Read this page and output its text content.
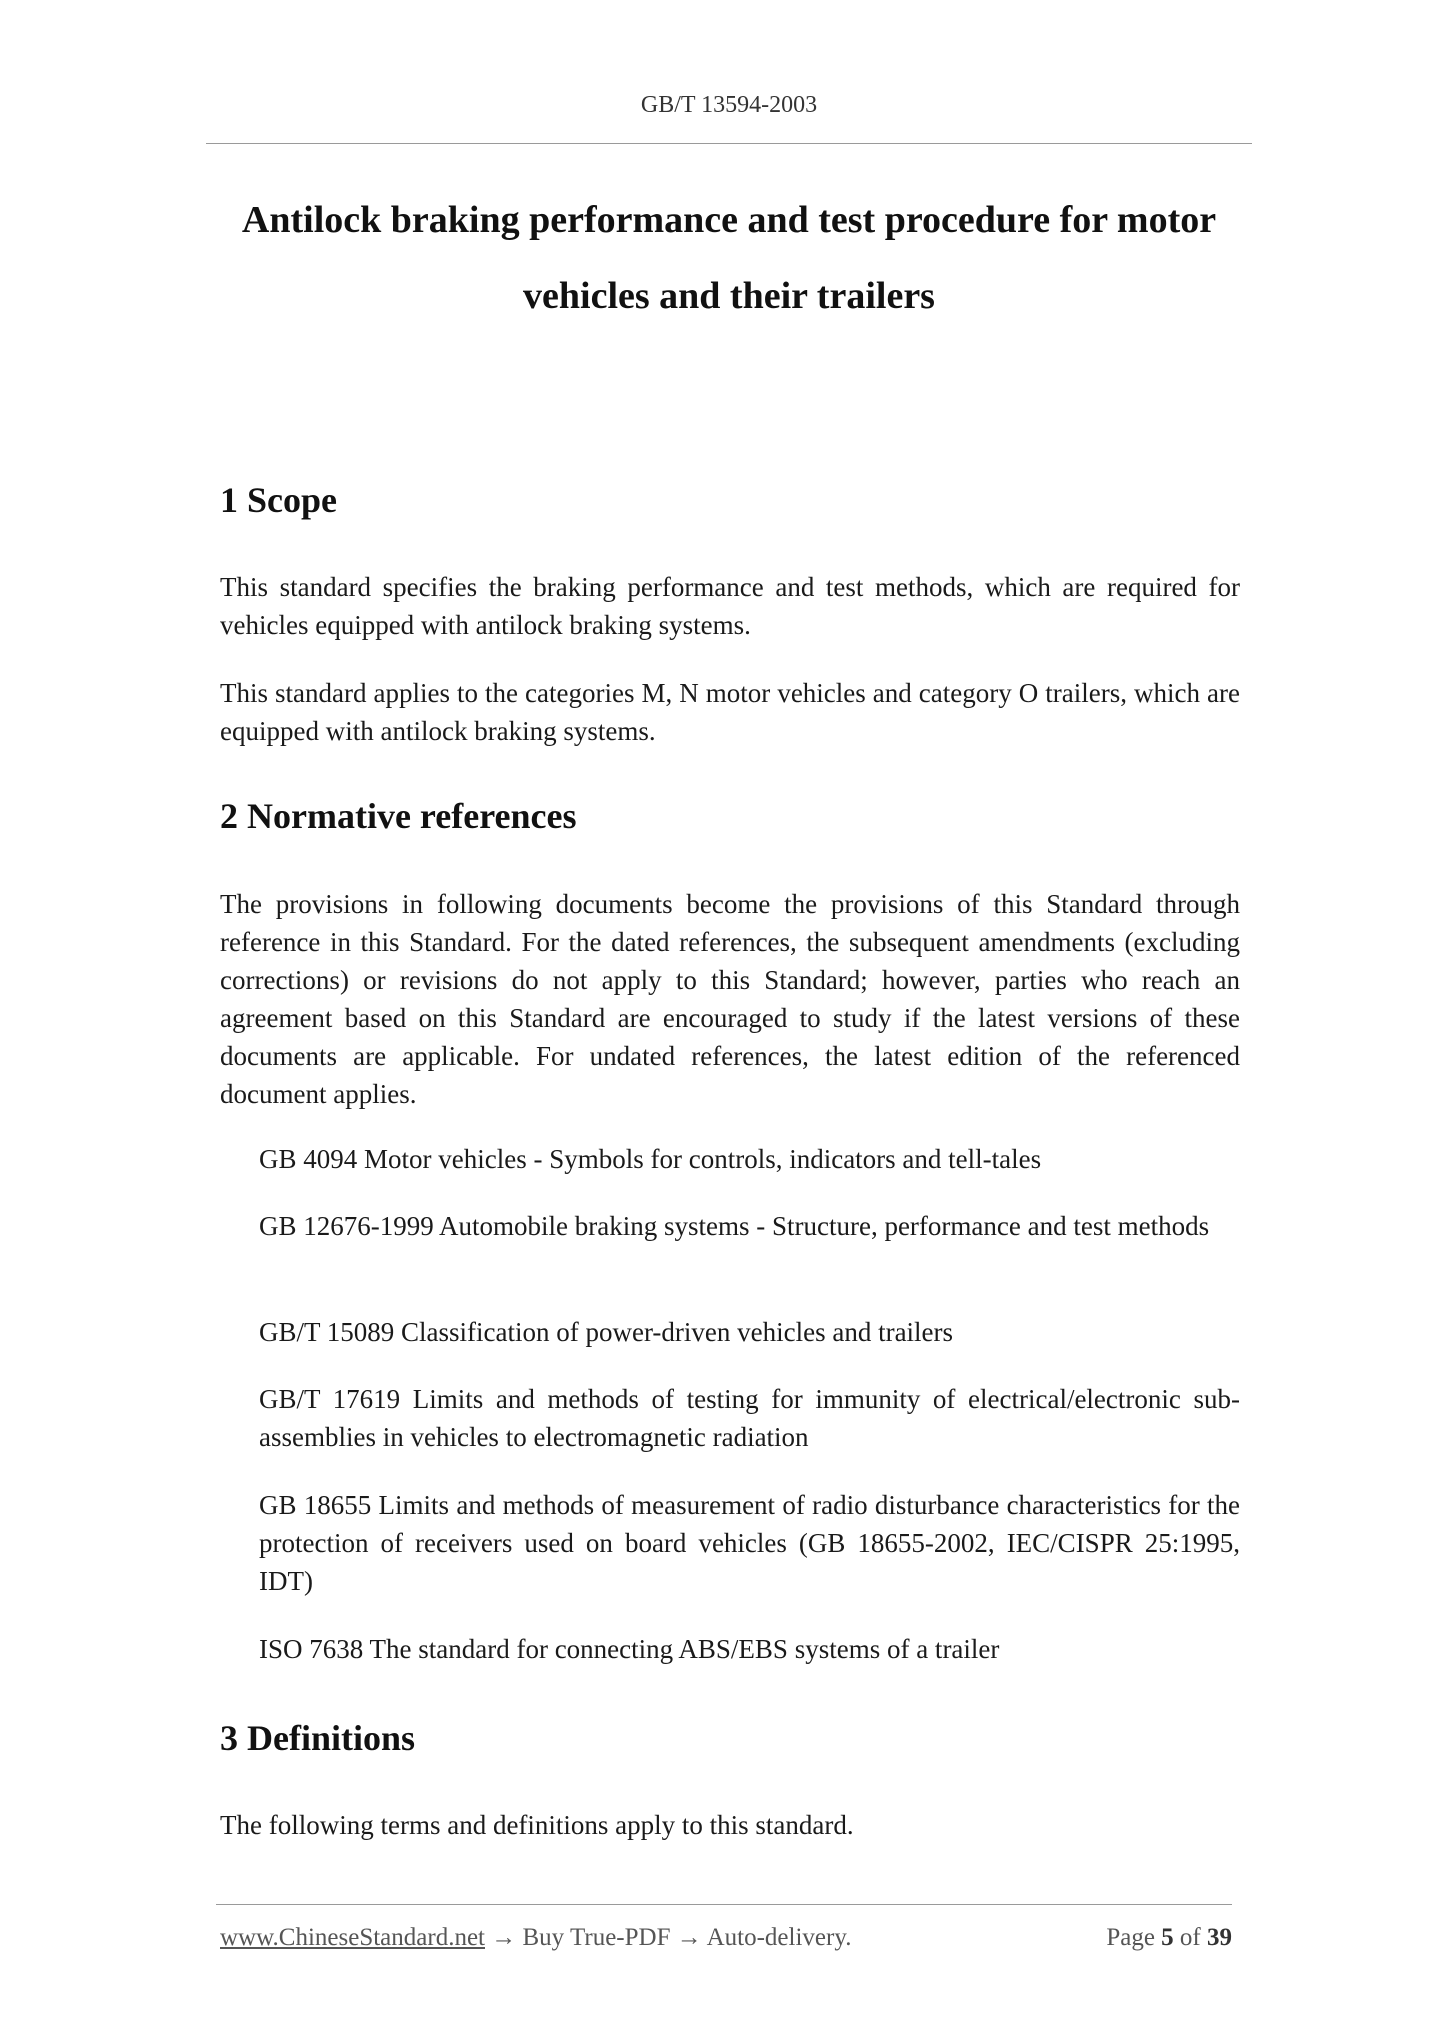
GB/T 13594-2003
Antilock braking performance and test procedure for motor
vehicles and their trailers
1 Scope

This standard specifies the braking performance and test methods, which are required for vehicles equipped with antilock braking systems.

This standard applies to the categories M, N motor vehicles and category O trailers, which are equipped with antilock braking systems.

2 Normative references

The provisions in following documents become the provisions of this Standard through reference in this Standard. For the dated references, the subsequent amendments (excluding corrections) or revisions do not apply to this Standard; however, parties who reach an agreement based on this Standard are encouraged to study if the latest versions of these documents are applicable. For undated references, the latest edition of the referenced document applies.

GB 4094 Motor vehicles - Symbols for controls, indicators and tell-tales

GB 12676-1999 Automobile braking systems - Structure, performance and test methods

GB/T 15089 Classification of power-driven vehicles and trailers

GB/T 17619 Limits and methods of testing for immunity of electrical/electronic sub-assemblies in vehicles to electromagnetic radiation

GB 18655 Limits and methods of measurement of radio disturbance characteristics for the protection of receivers used on board vehicles (GB 18655-2002, IEC/CISPR 25:1995, IDT)

ISO 7638 The standard for connecting ABS/EBS systems of a trailer

3 Definitions

The following terms and definitions apply to this standard.

www.ChineseStandard.net → Buy True-PDF → Auto-delivery.	Page 5 of 39
